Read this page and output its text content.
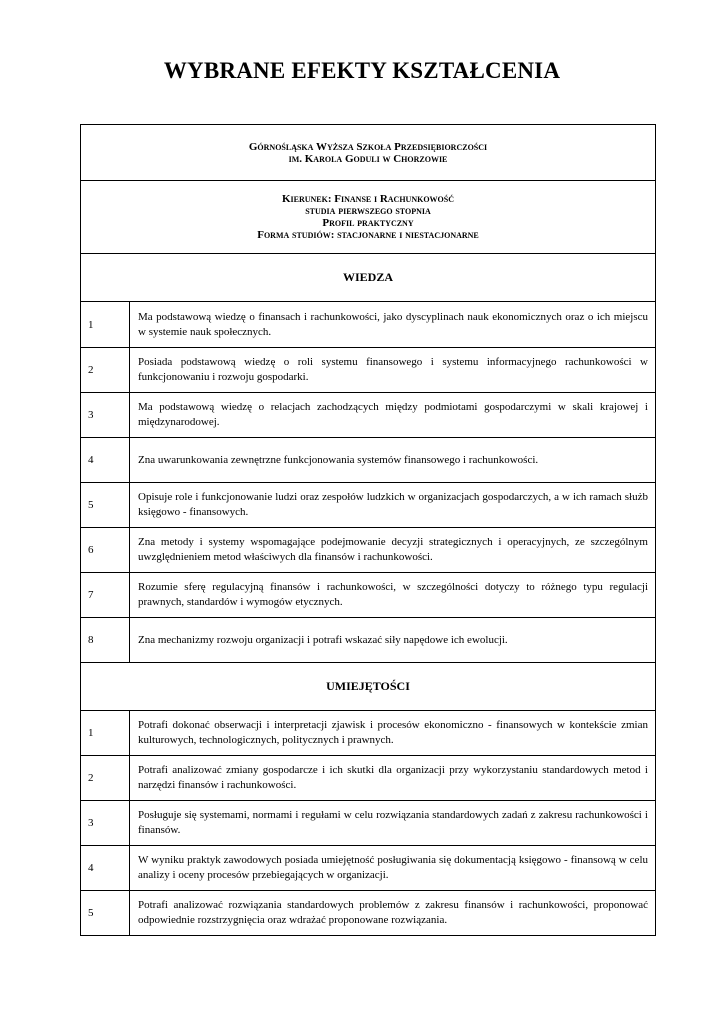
WYBRANE EFEKTY KSZTAŁCENIA
Górnośląska Wyższa Szkoła Przedsiębiorczości
im. Karola Goduli w Chorzowie	

Kierunek: Finanse i Rachunkowość
studia pierwszego stopnia
Profil praktyczny
Forma studiów: stacjonarne i niestacjonarne	

WIEDZA	
1	Ma podstawową wiedzę o finansach i rachunkowości, jako dyscyplinach nauk ekonomicznych oraz o ich miejscu w systemie nauk społecznych.
2	Posiada podstawową wiedzę o roli systemu finansowego i systemu informacyjnego rachunkowości w funkcjonowaniu i rozwoju gospodarki.
3	Ma podstawową wiedzę o relacjach zachodzących między podmiotami gospodarczymi w skali krajowej i międzynarodowej.
4	Zna uwarunkowania zewnętrzne funkcjonowania systemów finansowego i rachunkowości.
5	Opisuje role i funkcjonowanie ludzi oraz zespołów ludzkich w organizacjach gospodarczych, a w ich ramach służb księgowo - finansowych.
6	Zna metody i systemy wspomagające podejmowanie decyzji strategicznych i operacyjnych, ze szczególnym uwzględnieniem metod właściwych dla finansów i rachunkowości.
7	Rozumie sferę regulacyjną finansów i rachunkowości, w szczególności dotyczy to różnego typu regulacji prawnych, standardów i wymogów etycznych.
8	Zna mechanizmy rozwoju organizacji i potrafi wskazać siły napędowe ich ewolucji.
UMIEJĘTOŚCI	
1	Potrafi dokonać obserwacji i interpretacji zjawisk i procesów ekonomiczno - finansowych w kontekście zmian kulturowych, technologicznych, politycznych i prawnych.
2	Potrafi analizować zmiany gospodarcze i ich skutki dla organizacji przy wykorzystaniu standardowych metod i narzędzi finansów i rachunkowości.
3	Posługuje się systemami, normami i regułami w celu rozwiązania standardowych zadań z zakresu rachunkowości i finansów.
4	W wyniku praktyk zawodowych posiada umiejętność posługiwania się dokumentacją księgowo - finansową w celu analizy i oceny procesów przebiegających w organizacji.
5	Potrafi analizować rozwiązania standardowych problemów z zakresu finansów i rachunkowości, proponować odpowiednie rozstrzygnięcia oraz wdrażać proponowane rozwiązania.
